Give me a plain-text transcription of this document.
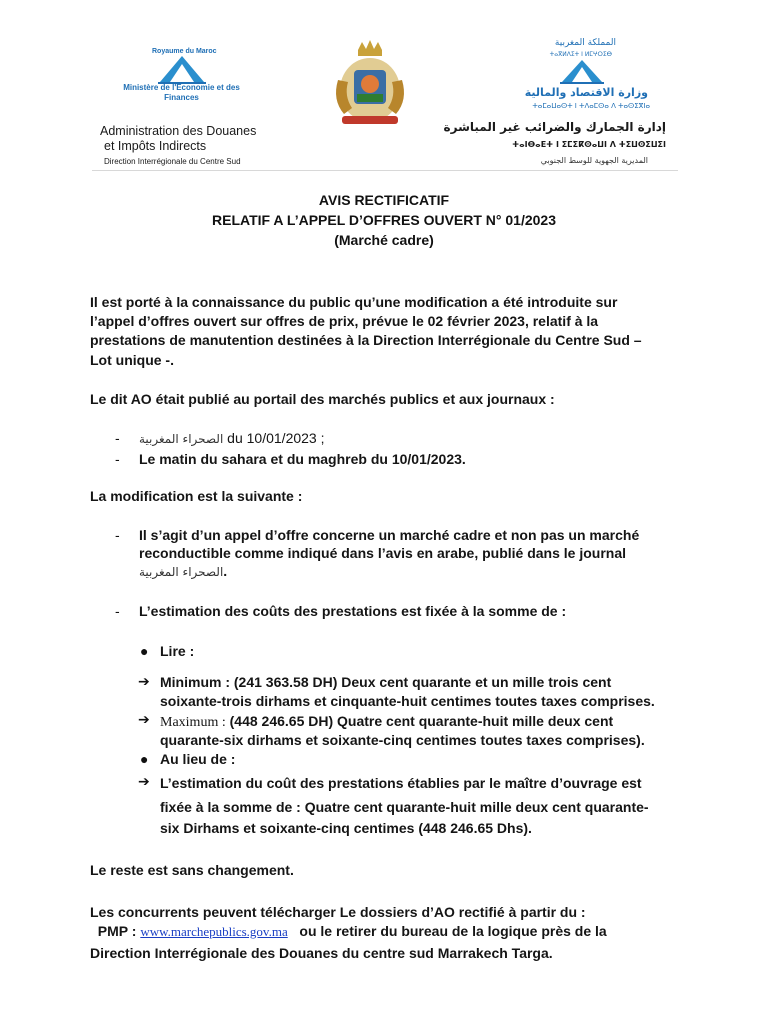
Royaume du Maroc
Ministère de l'Economie et des Finances
Administration des Douanes
et Impôts Indirects
Direction Interrégionale du Centre Sud
المملكة المغربية
ⵜⴰⴳⵍⴷⵉⵜ ⵏ ⵍⵎⵖⵔⵉⴱ
وزارة الاقتصاد والمالية
ⵜⴰⵎⴰⵡⴰⵙⵜ ⵏ ⵜⴷⴰⵎⵙⴰ ⴷ ⵜⴰⵙⵉⴳⵏⴰ
إدارة الجمارك والضرائب غير المباشرة
ⵜⴰⵏⴱⴰⴹⵜ ⵏ ⵉⵎⵉⴽⵙⴰⵡⵏ ⴷ ⵜⵉⵡⵙⵉⵡⵉⵏ
المديرية الجهوية للوسط الجنوبي
AVIS RECTIFICATIF
RELATIF A L’APPEL D’OFFRES OUVERT N° 01/2023
(Marché cadre)
Il est porté à la connaissance du public qu’une modification a été introduite sur
l’appel d’offres ouvert sur offres de prix, prévue le 02 février 2023, relatif à la
prestations de manutention destinées à la Direction Interrégionale du Centre Sud –
Lot unique -.
Le dit AO était publié au portail des marchés publics et aux journaux :
- الصحراء المغربية du 10/01/2023 ;
- Le matin du sahara et du maghreb du 10/01/2023.
La modification est la suivante :
- Il s’agit d’un appel d’offre concerne un marché cadre et non pas un marché
reconductible comme indiqué dans l’avis en arabe, publié dans le journal
الصحراء المغربية.
- L’estimation des coûts des prestations est fixée à la somme de :
● Lire :
➔ Minimum : (241 363.58 DH) Deux cent quarante et un mille trois cent
soixante-trois dirhams et cinquante-huit centimes toutes taxes comprises.
➔ Maximum : (448 246.65 DH) Quatre cent quarante-huit mille deux cent
quarante-six dirhams et soixante-cinq centimes toutes taxes comprises).
● Au lieu de :
➔ L’estimation du coût des prestations établies par le maître d’ouvrage est
fixée à la somme de : Quatre cent quarante-huit mille deux cent quarante-
six Dirhams et soixante-cinq centimes (448 246.65 Dhs).
Le reste est sans changement.
Les concurrents peuvent télécharger Le dossiers d’AO rectifié à partir du :
PMP : www.marchepublics.gov.ma   ou le retirer du bureau de la logique près de la
Direction Interrégionale des Douanes du centre sud Marrakech Targa.
